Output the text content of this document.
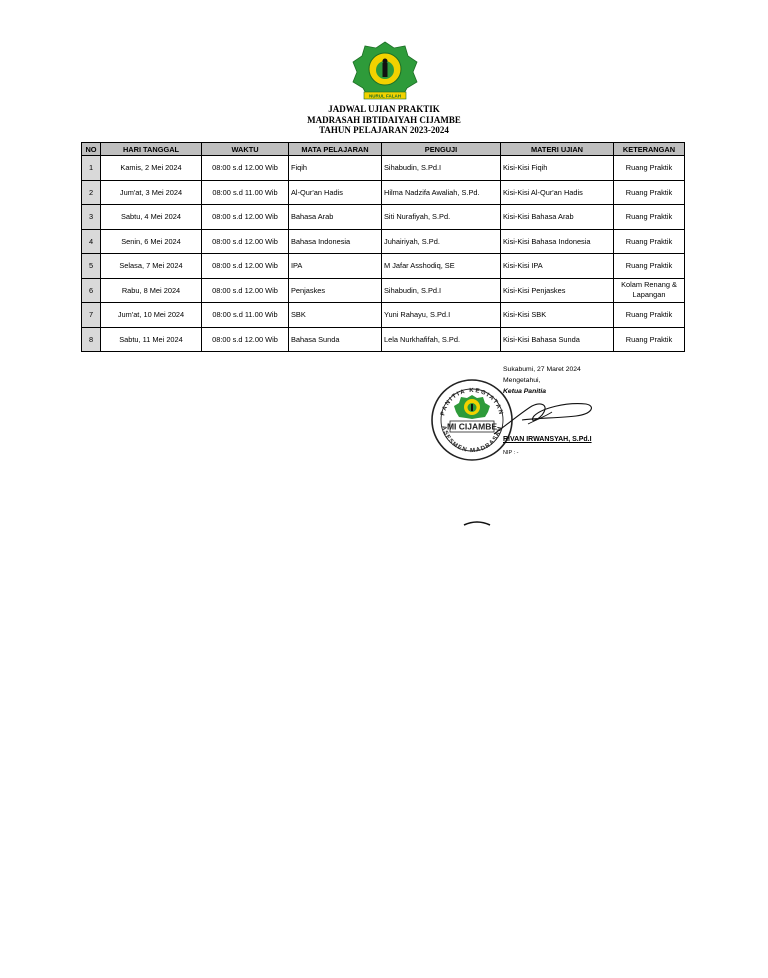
NURUL FALAH
JADWAL UJIAN PRAKTIK
MADRASAH IBTIDAIYAH CIJAMBE
TAHUN PELAJARAN 2023-2024
NO	HARI TANGGAL	WAKTU	MATA PELAJARAN	PENGUJI	MATERI UJIAN	KETERANGAN
1	Kamis, 2 Mei 2024	08:00 s.d 12.00 Wib	Fiqih	Sihabudin, S.Pd.I	Kisi-Kisi Fiqih	Ruang Praktik
2	Jum'at, 3 Mei 2024	08:00 s.d 11.00 Wib	Al-Qur'an Hadis	Hilma Nadzifa Awaliah, S.Pd.	Kisi-Kisi Al-Qur'an Hadis	Ruang Praktik
3	Sabtu, 4 Mei 2024	08:00 s.d 12.00 Wib	Bahasa Arab	Siti Nurafiyah, S.Pd.	Kisi-Kisi Bahasa Arab	Ruang Praktik
4	Senin, 6 Mei 2024	08:00 s.d 12.00 Wib	Bahasa Indonesia	Juhairiyah, S.Pd.	Kisi-Kisi Bahasa Indonesia	Ruang Praktik
5	Selasa, 7 Mei 2024	08:00 s.d 12.00 Wib	IPA	M Jafar Asshodiq, SE	Kisi-Kisi IPA	Ruang Praktik
6	Rabu, 8 Mei 2024	08:00 s.d 12.00 Wib	Penjaskes	Sihabudin, S.Pd.I	Kisi-Kisi Penjaskes	Kolam Renang & Lapangan
7	Jum'at, 10 Mei 2024	08:00 s.d 11.00 Wib	SBK	Yuni Rahayu, S.Pd.I	Kisi-Kisi SBK	Ruang Praktik
8	Sabtu, 11 Mei 2024	08:00 s.d 12.00 Wib	Bahasa Sunda	Lela Nurkhafifah, S.Pd.	Kisi-Kisi Bahasa Sunda	Ruang Praktik
Sukabumi, 27 Maret 2024
Mengetahui,
Ketua Panitia
PANITIA KEGIATAN
ASESMEN MADRASAH
MI CIJAMBE
RIVAN IRWANSYAH, S.Pd.I
NIP : -
